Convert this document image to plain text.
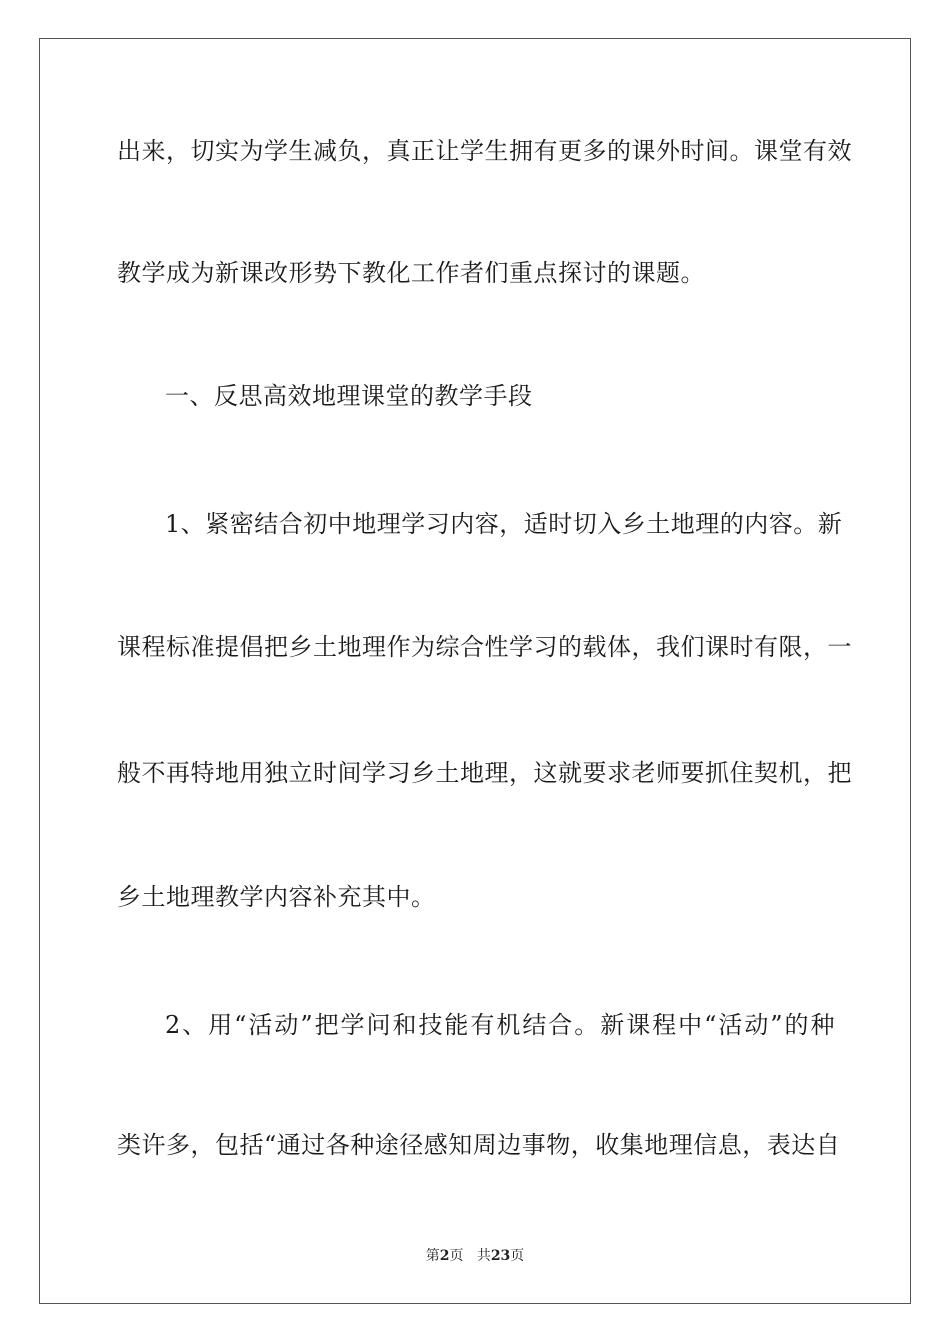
出来，切实为学生减负，真正让学生拥有更多的课外时间。课堂有效
教学成为新课改形势下教化工作者们重点探讨的课题。
一、反思高效地理课堂的教学手段
1、紧密结合初中地理学习内容，适时切入乡土地理的内容。新
课程标准提倡把乡土地理作为综合性学习的载体，我们课时有限，一
般不再特地用独立时间学习乡土地理，这就要求老师要抓住契机，把
乡土地理教学内容补充其中。
2、用“活动”把学问和技能有机结合。新课程中“活动”的种
类许多，包括“通过各种途径感知周边事物，收集地理信息，表达自
第2页 共23页
